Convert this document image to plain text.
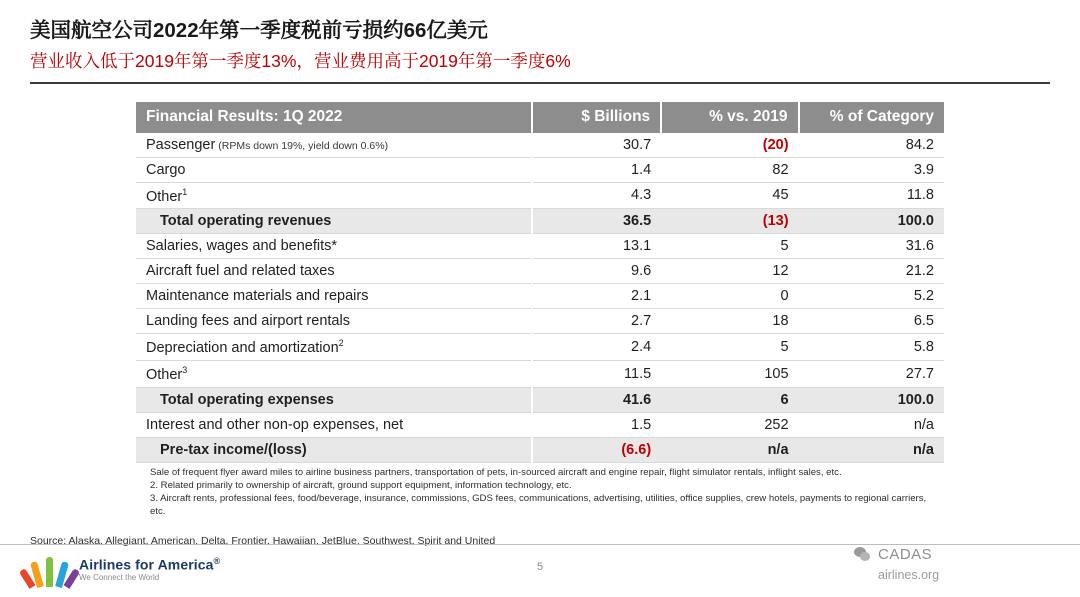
美国航空公司2022年第一季度税前亏损约66亿美元
营业收入低于2019年第一季度13%，营业费用高于2019年第一季度6%
Financial Results: 1Q 2022	$ Billions	% vs. 2019	% of Category
Passenger (RPMs down 19%, yield down 0.6%)	30.7	(20)	84.2
Cargo	1.4	82	3.9
Other$^1$	4.3	45	11.8
Total operating revenues	36.5	(13)	100.0
Salaries, wages and benefits*	13.1	5	31.6
Aircraft fuel and related taxes	9.6	12	21.2
Maintenance materials and repairs	2.1	0	5.2
Landing fees and airport rentals	2.7	18	6.5
Depreciation and amortization$^2$	2.4	5	5.8
Other$^3$	11.5	105	27.7
Total operating expenses	41.6	6	100.0
Interest and other non-op expenses, net	1.5	252	n/a
Pre-tax income/(loss)	(6.6)	n/a	n/a
Sale of frequent flyer award miles to airline business partners, transportation of pets, in-sourced aircraft and engine repair, flight simulator rentals, inflight sales, etc.
2. Related primarily to ownership of aircraft, ground support equipment, information technology, etc.
3. Aircraft rents, professional fees, food/beverage, insurance, commissions, GDS fees, communications, advertising, utilities, office supplies, crew hotels, payments to regional carriers, etc.
Source: Alaska, Allegiant, American, Delta, Frontier, Hawaiian, JetBlue, Southwest, Spirit and United
Airlines for America®
We Connect the World
5
CADAS
airlines.org
